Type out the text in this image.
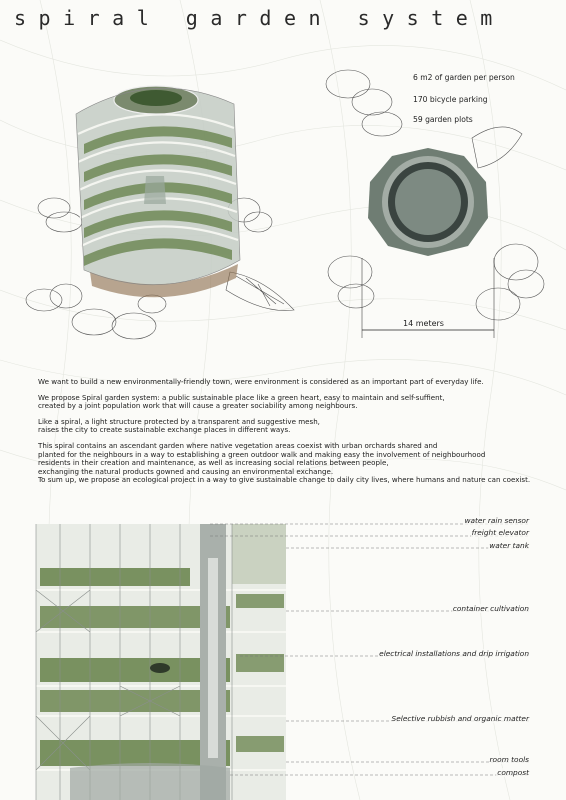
spiral garden system
6 m2 of garden per person
170 bicycle parking
59 garden plots
14 meters

We want to build a new environmentally-friendly town, were environment is considered as an important part of everyday life.

We propose Spiral garden system: a public sustainable place like a green heart, easy to maintain and self-suffient,
created by a joint population work that will cause a greater sociability among neighbours.

Like a spiral, a light structure protected by a transparent and suggestive mesh,
raises the city to create sustainable exchange places in different ways.

This spiral contains an ascendant garden where native vegetation areas coexist with urban orchards shared and
planted for the neighbours in a way to establishing a green outdoor walk and making easy the involvement of neighbourhood
residents in their creation and maintenance, as well as increasing social relations between people,
exchanging the natural products gowned and causing an environmental exchange.
To sum up, we propose an ecological project in a way to give sustainable change to daily city lives, where humans and nature can coexist.

water rain sensor
freight elevator
water tank
container cultivation
electrical installations and drip irrigation
Selective rubbish and organic matter
room tools
compost
